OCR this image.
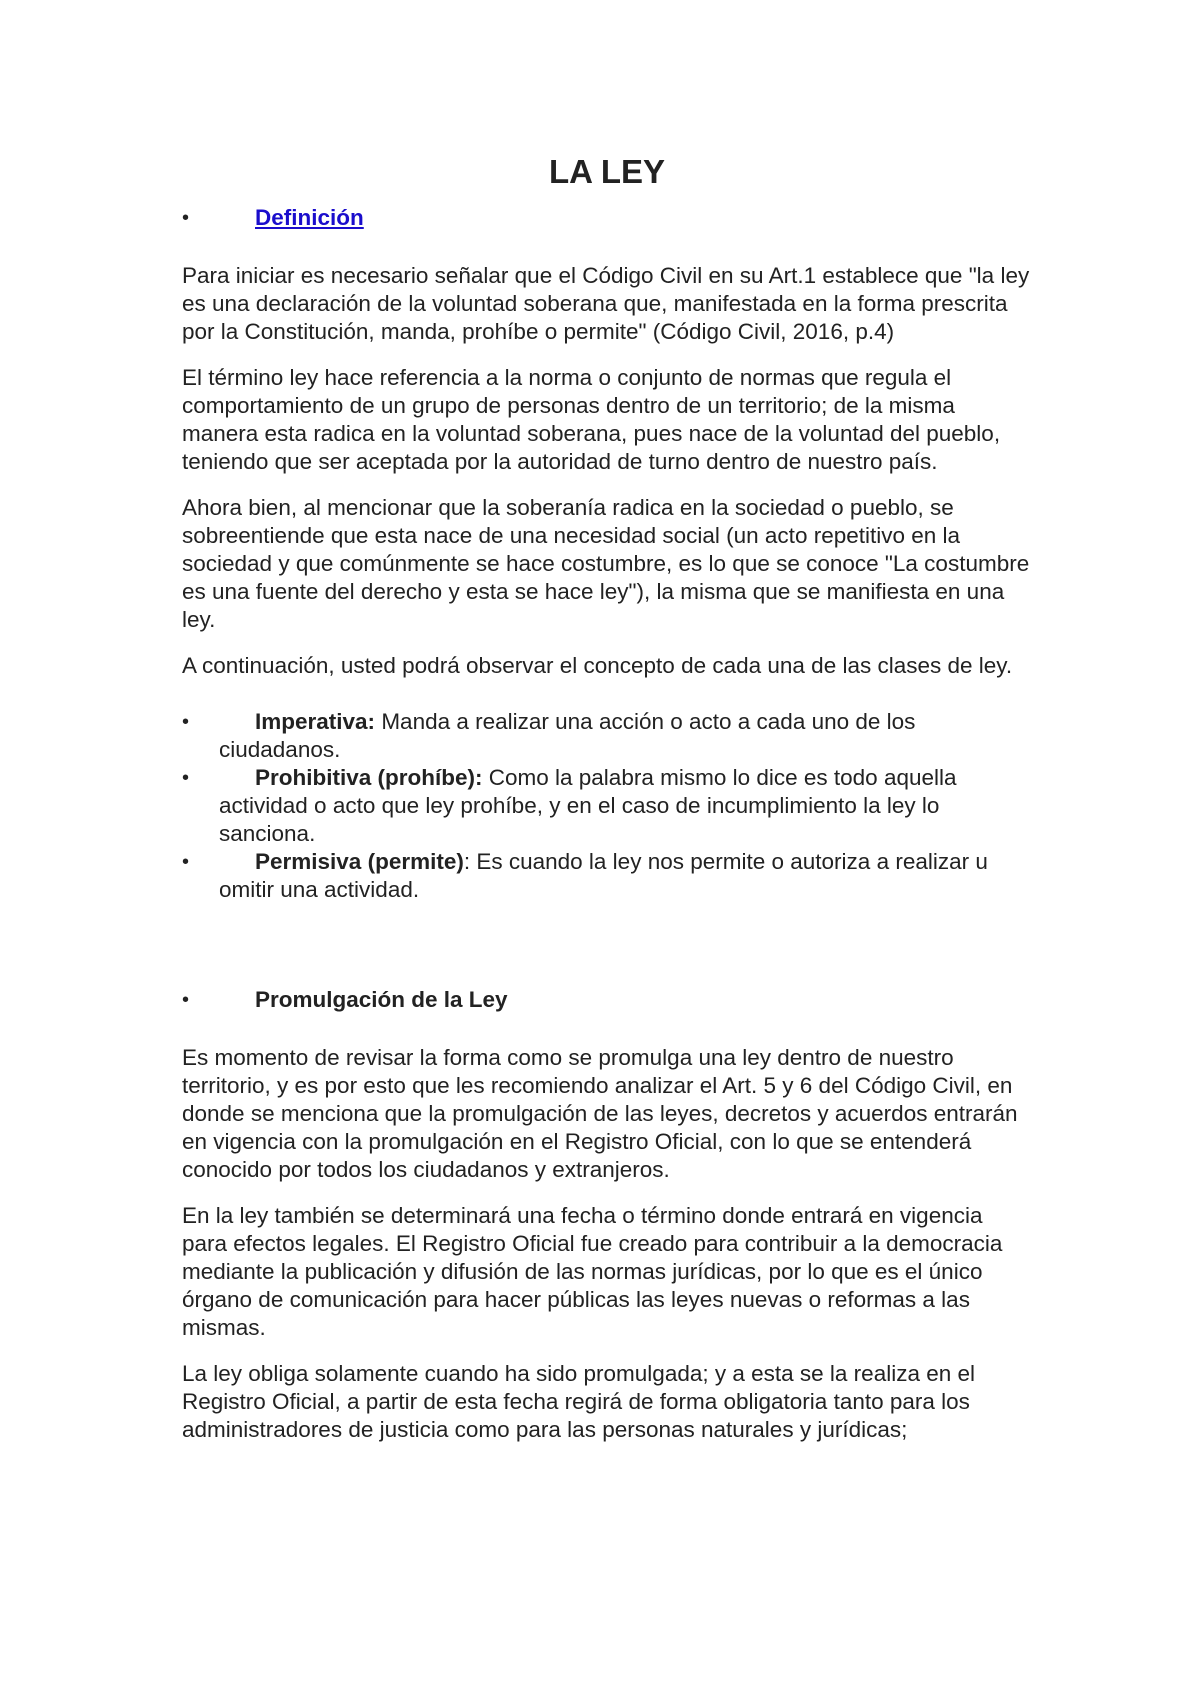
LA LEY
•	Definición

Para iniciar es necesario señalar que el Código Civil en su Art.1 establece que "la ley es una declaración de la voluntad soberana que, manifestada en la forma prescrita por la Constitución, manda, prohíbe o permite" (Código Civil, 2016, p.4)

El término ley hace referencia a la norma o conjunto de normas que regula el comportamiento de un grupo de personas dentro de un territorio; de la misma manera esta radica en la voluntad soberana, pues nace de la voluntad del pueblo, teniendo que ser aceptada por la autoridad de turno dentro de nuestro país.

Ahora bien, al mencionar que la soberanía radica en la sociedad o pueblo, se sobreentiende que esta nace de una necesidad social (un acto repetitivo en la sociedad y que comúnmente se hace costumbre, es lo que se conoce "La costumbre es una fuente del derecho y esta se hace ley"), la misma que se manifiesta en una ley.

A continuación, usted podrá observar el concepto de cada una de las clases de ley.

•	Imperativa: Manda a realizar una acción o acto a cada uno de los ciudadanos.
•	Prohibitiva (prohíbe): Como la palabra mismo lo dice es todo aquella actividad o acto que ley prohíbe, y en el caso de incumplimiento la ley lo sanciona.
•	Permisiva (permite): Es cuando la ley nos permite o autoriza a realizar u omitir una actividad.
•	Promulgación de la Ley

Es momento de revisar la forma como se promulga una ley dentro de nuestro territorio, y es por esto que les recomiendo analizar el Art. 5 y 6 del Código Civil, en donde se menciona que la promulgación de las leyes, decretos y acuerdos entrarán en vigencia con la promulgación en el Registro Oficial, con lo que se entenderá conocido por todos los ciudadanos y extranjeros.

En la ley también se determinará una fecha o término donde entrará en vigencia para efectos legales. El Registro Oficial fue creado para contribuir a la democracia mediante la publicación y difusión de las normas jurídicas, por lo que es el único órgano de comunicación para hacer públicas las leyes nuevas o reformas a las mismas.

La ley obliga solamente cuando ha sido promulgada; y a esta se la realiza en el Registro Oficial, a partir de esta fecha regirá de forma obligatoria tanto para los administradores de justicia como para las personas naturales y jurídicas;
